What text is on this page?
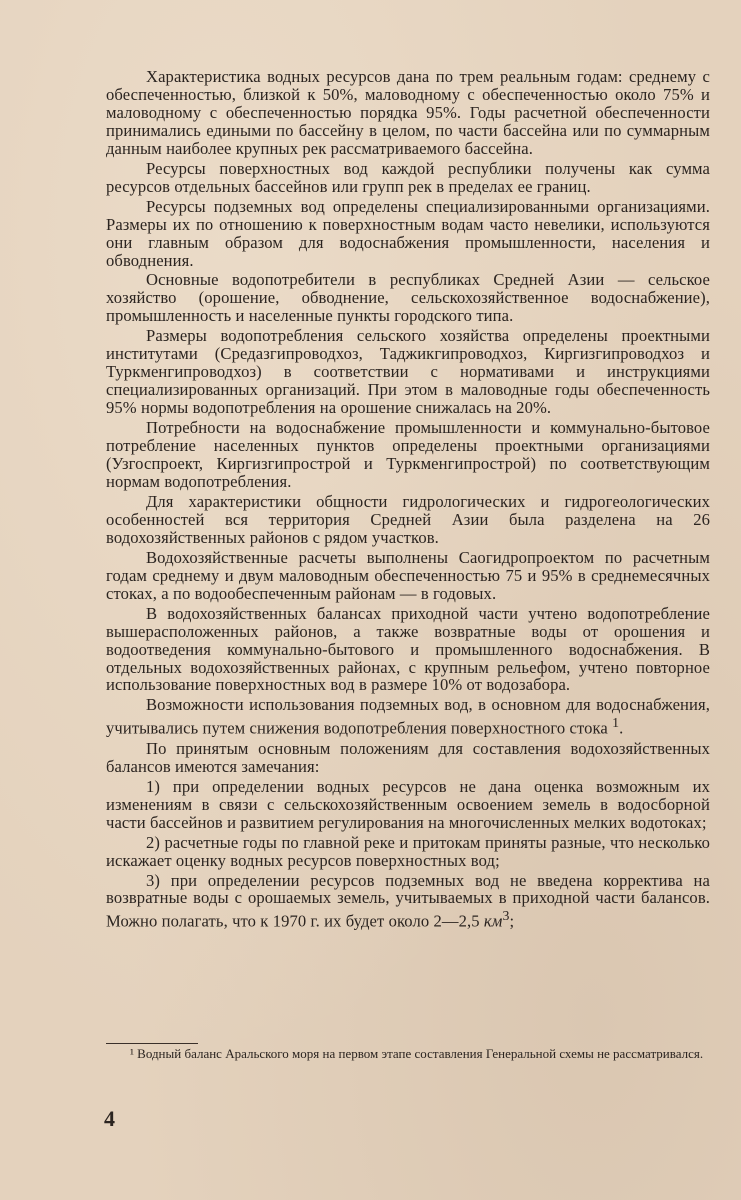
Характеристика водных ресурсов дана по трем реальным годам: среднему с обеспеченностью, близкой к 50%, маловодному с обеспеченностью около 75% и маловодному с обеспеченностью порядка 95%. Годы расчетной обеспеченности принимались едиными по бассейну в целом, по части бассейна или по суммарным данным наиболее крупных рек рассматриваемого бассейна.

Ресурсы поверхностных вод каждой республики получены как сумма ресурсов отдельных бассейнов или групп рек в пределах ее границ.

Ресурсы подземных вод определены специализированными организациями. Размеры их по отношению к поверхностным водам часто невелики, используются они главным образом для водоснабжения промышленности, населения и обводнения.

Основные водопотребители в республиках Средней Азии — сельское хозяйство (орошение, обводнение, сельскохозяйственное водоснабжение), промышленность и населенные пункты городского типа.

Размеры водопотребления сельского хозяйства определены проектными институтами (Средазгипроводхоз, Таджикгипроводхоз, Киргизгипроводхоз и Туркменгипроводхоз) в соответствии с нормативами и инструкциями специализированных организаций. При этом в маловодные годы обеспеченность 95% нормы водопотребления на орошение снижалась на 20%.

Потребности на водоснабжение промышленности и коммунально-бытовое потребление населенных пунктов определены проектными организациями (Узгоспроект, Киргизгипрострой и Туркменгипрострой) по соответствующим нормам водопотребления.

Для характеристики общности гидрологических и гидрогеологических особенностей вся территория Средней Азии была разделена на 26 водохозяйственных районов с рядом участков.

Водохозяйственные расчеты выполнены Саогидропроектом по расчетным годам среднему и двум маловодным обеспеченностью 75 и 95% в среднемесячных стоках, а по водообеспеченным районам — в годовых.

В водохозяйственных балансах приходной части учтено водопотребление вышерасположенных районов, а также возвратные воды от орошения и водоотведения коммунально-бытового и промышленного водоснабжения. В отдельных водохозяйственных районах, с крупным рельефом, учтено повторное использование поверхностных вод в размере 10% от водозабора.

Возможности использования подземных вод, в основном для водоснабжения, учитывались путем снижения водопотребления поверхностного стока $^1$.

По принятым основным положениям для составления водохозяйственных балансов имеются замечания:

1) при определении водных ресурсов не дана оценка возможным их изменениям в связи с сельскохозяйственным освоением земель в водосборной части бассейнов и развитием регулирования на многочисленных мелких водотоках;

2) расчетные годы по главной реке и притокам приняты разные, что несколько искажает оценку водных ресурсов поверхностных вод;

3) при определении ресурсов подземных вод не введена корректива на возвратные воды с орошаемых земель, учитываемых в приходной части балансов. Можно полагать, что к 1970 г. их будет около 2—2,5 $км^3$;

¹ Водный баланс Аральского моря на первом этапе составления Генеральной схемы не рассматривался.
4
